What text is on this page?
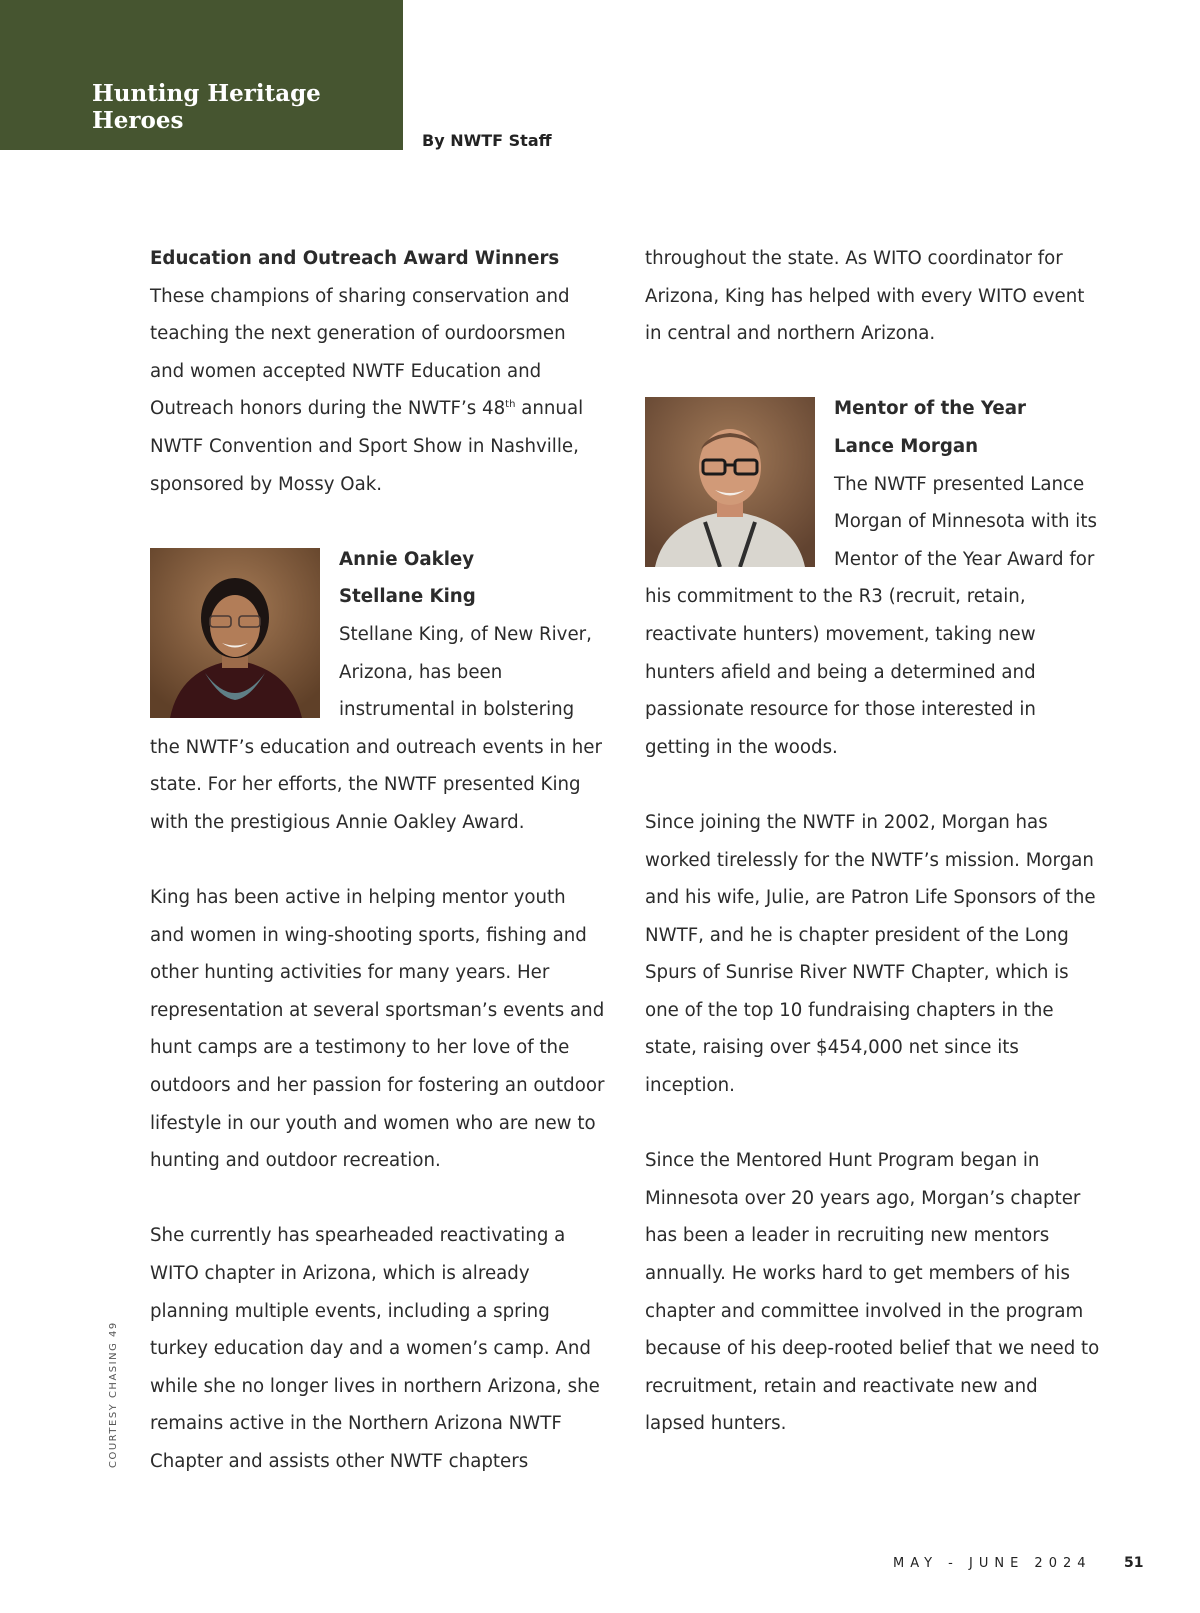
Hunting Heritage
Heroes
By NWTF Staff
Education and Outreach Award Winners

These champions of sharing conservation and teaching the next generation of ourdoorsmen and women accepted NWTF Education and Outreach honors during the NWTF’s 48th annual NWTF Convention and Sport Show in Nashville, sponsored by Mossy Oak.

Annie Oakley
Stellane King

Stellane King, of New River, Arizona, has been instrumental in bolstering the NWTF’s education and outreach events in her state. For her efforts, the NWTF presented King with the prestigious Annie Oakley Award.

King has been active in helping mentor youth and women in wing-shooting sports, fishing and other hunting activities for many years. Her representation at several sportsman’s events and hunt camps are a testimony to her love of the outdoors and her passion for fostering an outdoor lifestyle in our youth and women who are new to hunting and outdoor recreation.

She currently has spearheaded reactivating a WITO chapter in Arizona, which is already planning multiple events, including a spring turkey education day and a women’s camp. And while she no longer lives in northern Arizona, she remains active in the Northern Arizona NWTF Chapter and assists other NWTF chapters

throughout the state. As WITO coordinator for Arizona, King has helped with every WITO event in central and northern Arizona.

Mentor of the Year
Lance Morgan

The NWTF presented Lance Morgan of Minnesota with its Mentor of the Year Award for his commitment to the R3 (recruit, retain, reactivate hunters) movement, taking new hunters afield and being a determined and passionate resource for those interested in getting in the woods.

Since joining the NWTF in 2002, Morgan has worked tirelessly for the NWTF’s mission. Morgan and his wife, Julie, are Patron Life Sponsors of the NWTF, and he is chapter president of the Long Spurs of Sunrise River NWTF Chapter, which is one of the top 10 fundraising chapters in the state, raising over $454,000 net since its inception.

Since the Mentored Hunt Program began in Minnesota over 20 years ago, Morgan’s chapter has been a leader in recruiting new mentors annually. He works hard to get members of his chapter and committee involved in the program because of his deep-rooted belief that we need to recruitment, retain and reactivate new and lapsed hunters.

COURTESY CHASING 49
MAY - JUNE 2024 51
